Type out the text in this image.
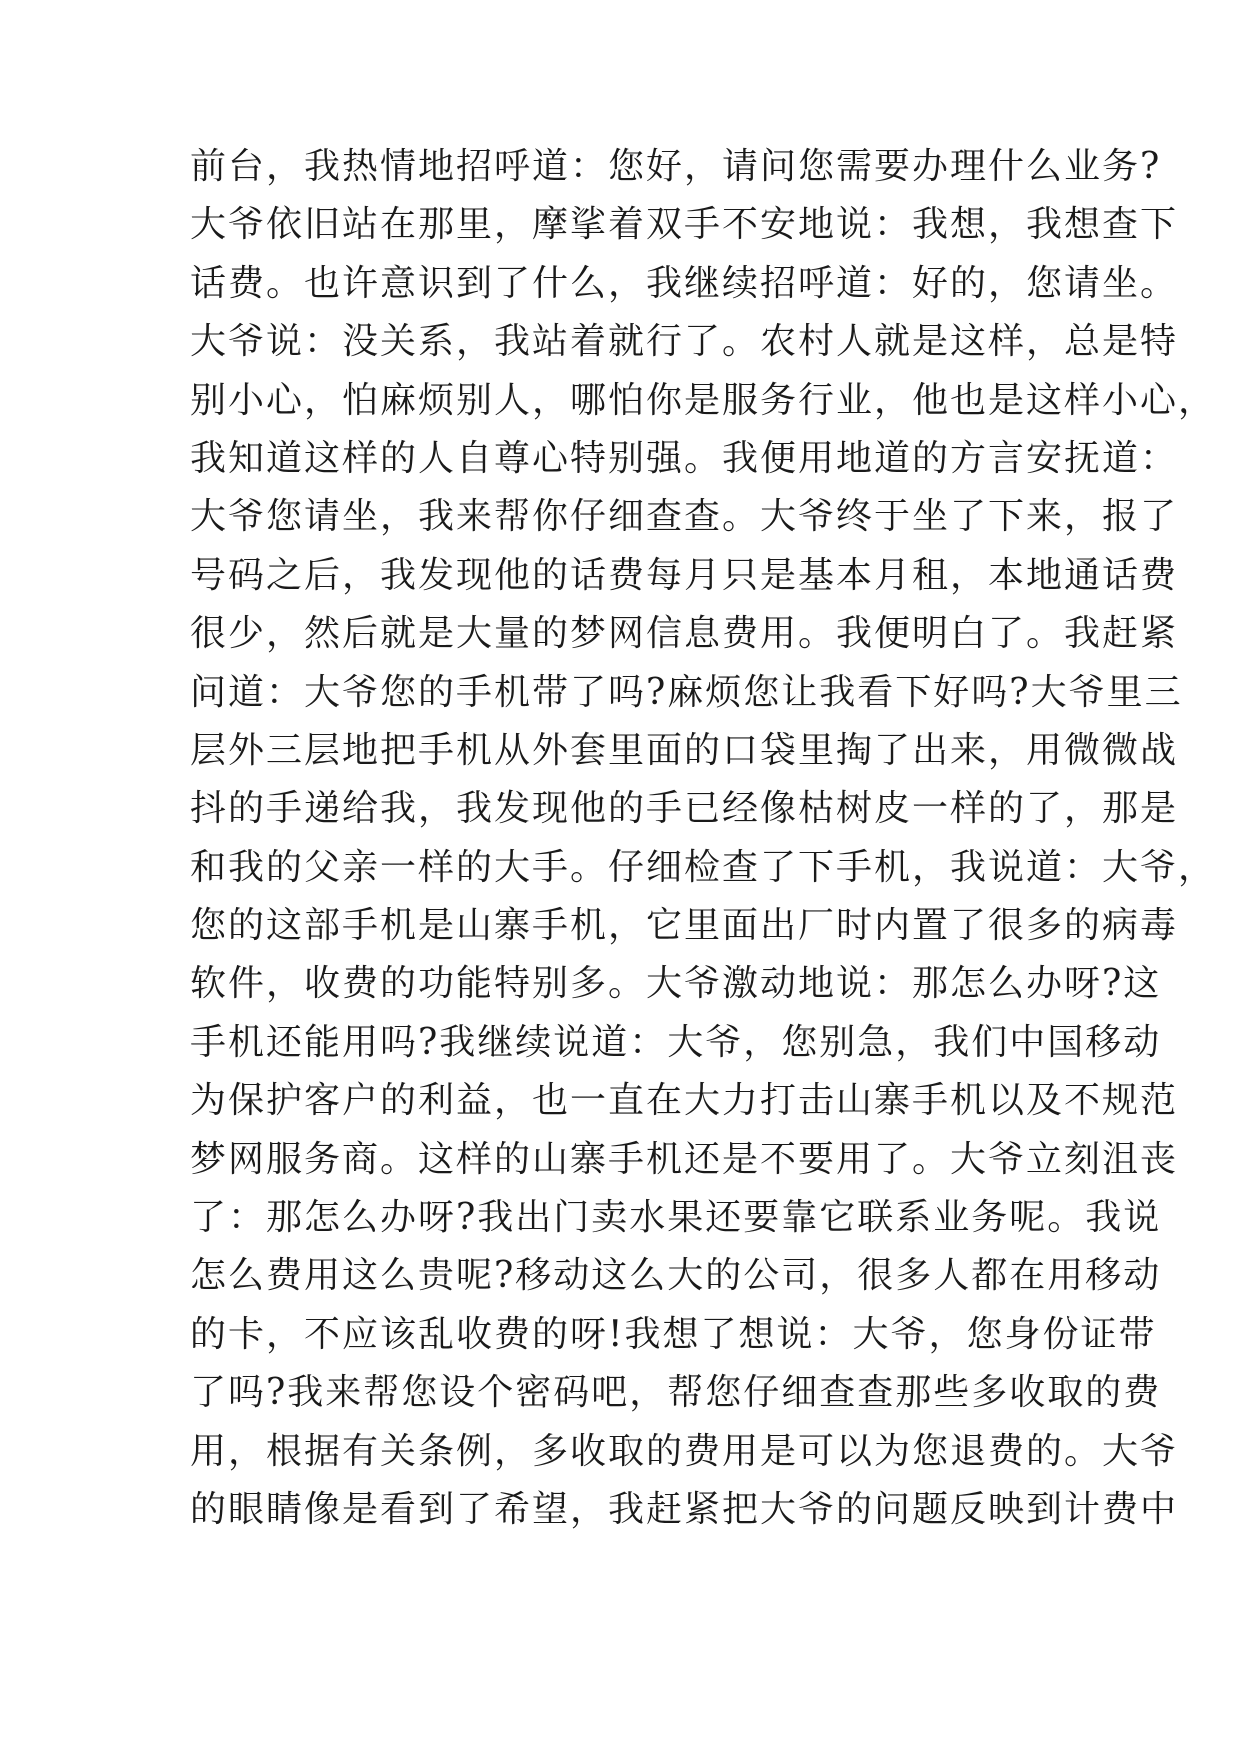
前台，我热情地招呼道：您好，请问您需要办理什么业务?
大爷依旧站在那里，摩挲着双手不安地说：我想，我想查下
话费。也许意识到了什么，我继续招呼道：好的，您请坐。
大爷说：没关系，我站着就行了。农村人就是这样，总是特
别小心，怕麻烦别人，哪怕你是服务行业，他也是这样小心，
我知道这样的人自尊心特别强。我便用地道的方言安抚道：
大爷您请坐，我来帮你仔细查查。大爷终于坐了下来，报了
号码之后，我发现他的话费每月只是基本月租，本地通话费
很少，然后就是大量的梦网信息费用。我便明白了。我赶紧
问道：大爷您的手机带了吗?麻烦您让我看下好吗?大爷里三
层外三层地把手机从外套里面的口袋里掏了出来，用微微战
抖的手递给我，我发现他的手已经像枯树皮一样的了，那是
和我的父亲一样的大手。仔细检查了下手机，我说道：大爷，
您的这部手机是山寨手机，它里面出厂时内置了很多的病毒
软件，收费的功能特别多。大爷激动地说：那怎么办呀?这
手机还能用吗?我继续说道：大爷，您别急，我们中国移动
为保护客户的利益，也一直在大力打击山寨手机以及不规范
梦网服务商。这样的山寨手机还是不要用了。大爷立刻沮丧
了：那怎么办呀?我出门卖水果还要靠它联系业务呢。我说
怎么费用这么贵呢?移动这么大的公司，很多人都在用移动
的卡，不应该乱收费的呀!我想了想说：大爷，您身份证带
了吗?我来帮您设个密码吧，帮您仔细查查那些多收取的费
用，根据有关条例，多收取的费用是可以为您退费的。大爷
的眼睛像是看到了希望，我赶紧把大爷的问题反映到计费中
